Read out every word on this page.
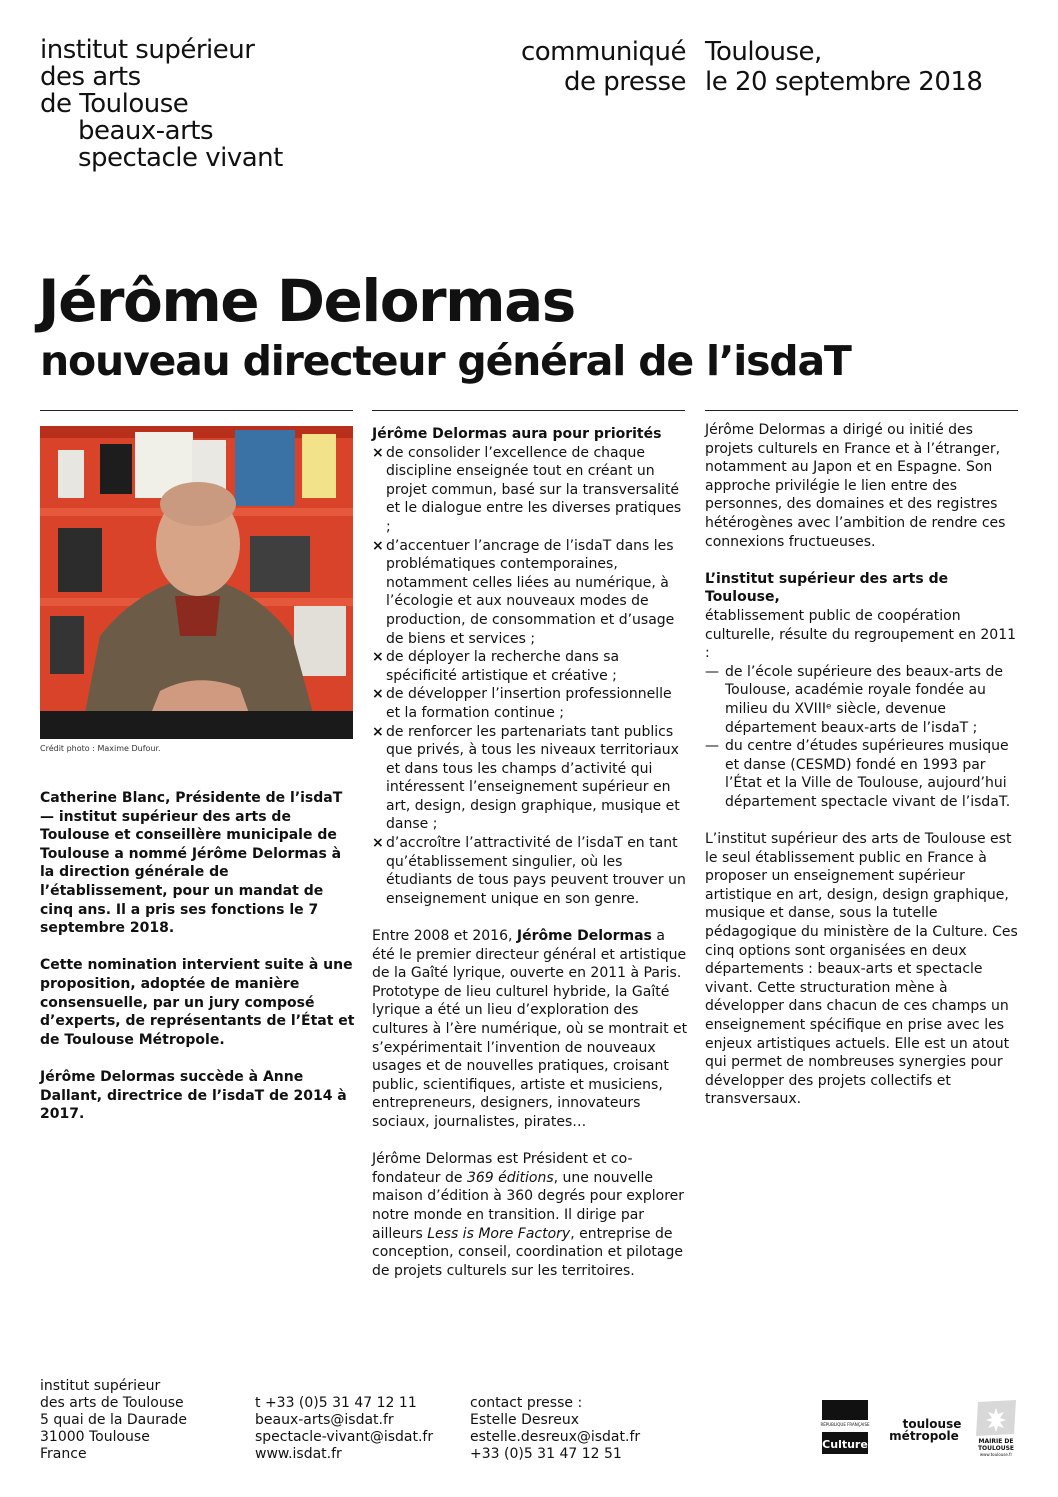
institut supérieur
des arts
de Toulouse
beaux-arts
spectacle vivant
communiqué
de presse
Toulouse,
le 20 septembre 2018
Jérôme Delormas
nouveau directeur général de l’isdaT
Crédit photo : Maxime Dufour.

Catherine Blanc, Présidente de l’isdaT — institut supérieur des arts de Toulouse et conseillère municipale de Toulouse a nommé Jérôme Delormas à la direction générale de l’établissement, pour un mandat de cinq ans. Il a pris ses fonctions le 7 septembre 2018.

Cette nomination intervient suite à une proposition, adoptée de manière consensuelle, par un jury composé d’experts, de représentants de l’État et de Toulouse Métropole.

Jérôme Delormas succède à Anne Dallant, directrice de l’isdaT de 2014 à 2017.

Jérôme Delormas aura pour priorités
× de consolider l’excellence de chaque discipline enseignée tout en créant un projet commun, basé sur la transversalité et le dialogue entre les diverses pratiques ;
× d’accentuer l’ancrage de l’isdaT dans les problématiques contemporaines, notamment celles liées au numérique, à l’écologie et aux nouveaux modes de production, de consommation et d’usage de biens et services ;
× de déployer la recherche dans sa spécificité artistique et créative ;
× de développer l’insertion professionnelle et la formation continue ;
× de renforcer les partenariats tant publics que privés, à tous les niveaux territoriaux et dans tous les champs d’activité qui intéressent l’enseignement supérieur en art, design, design graphique, musique et danse ;
× d’accroître l’attractivité de l’isdaT en tant qu’établissement singulier, où les étudiants de tous pays peuvent trouver un enseignement unique en son genre.

Entre 2008 et 2016, Jérôme Delormas a été le premier directeur général et artistique de la Gaîté lyrique, ouverte en 2011 à Paris. Prototype de lieu culturel hybride, la Gaîté lyrique a été un lieu d’exploration des cultures à l’ère numérique, où se montrait et s’expérimentait l’invention de nouveaux usages et de nouvelles pratiques, croisant public, scientifiques, artiste et musiciens, entrepreneurs, designers, innovateurs sociaux, journalistes, pirates…

Jérôme Delormas est Président et co-fondateur de 369 éditions, une nouvelle maison d’édition à 360 degrés pour explorer notre monde en transition. Il dirige par ailleurs Less is More Factory, entreprise de conception, conseil, coordination et pilotage de projets culturels sur les territoires.

Jérôme Delormas a dirigé ou initié des projets culturels en France et à l’étranger, notamment au Japon et en Espagne. Son approche privilégie le lien entre des personnes, des domaines et des registres hétérogènes avec l’ambition de rendre ces connexions fructueuses.

L’institut supérieur des arts de Toulouse,
établissement public de coopération culturelle, résulte du regroupement en 2011 :
— de l’école supérieure des beaux-arts de Toulouse, académie royale fondée au milieu du XVIIIᵉ siècle, devenue département beaux-arts de l’isdaT ;
— du centre d’études supérieures musique et danse (CESMD) fondé en 1993 par l’État et la Ville de Toulouse, aujourd’hui département spectacle vivant de l’isdaT.

L’institut supérieur des arts de Toulouse est le seul établissement public en France à proposer un enseignement supérieur artistique en art, design, design graphique, musique et danse, sous la tutelle pédagogique du ministère de la Culture. Ces cinq options sont organisées en deux départements : beaux-arts et spectacle vivant. Cette structuration mène à développer dans chacun de ces champs un enseignement spécifique en prise avec les enjeux artistiques actuels. Elle est un atout qui permet de nombreuses synergies pour développer des projets collectifs et transversaux.

institut supérieur
des arts de Toulouse
5 quai de la Daurade
31000 Toulouse
France
t +33 (0)5 31 47 12 11
beaux-arts@isdat.fr
spectacle-vivant@isdat.fr
www.isdat.fr
contact presse :
Estelle Desreux
estelle.desreux@isdat.fr
+33 (0)5 31 47 12 51
RÉPUBLIQUE FRANÇAISE
Culture
toulouse
métropole	MAIRIE DE
TOULOUSE
www.toulouse.fr
